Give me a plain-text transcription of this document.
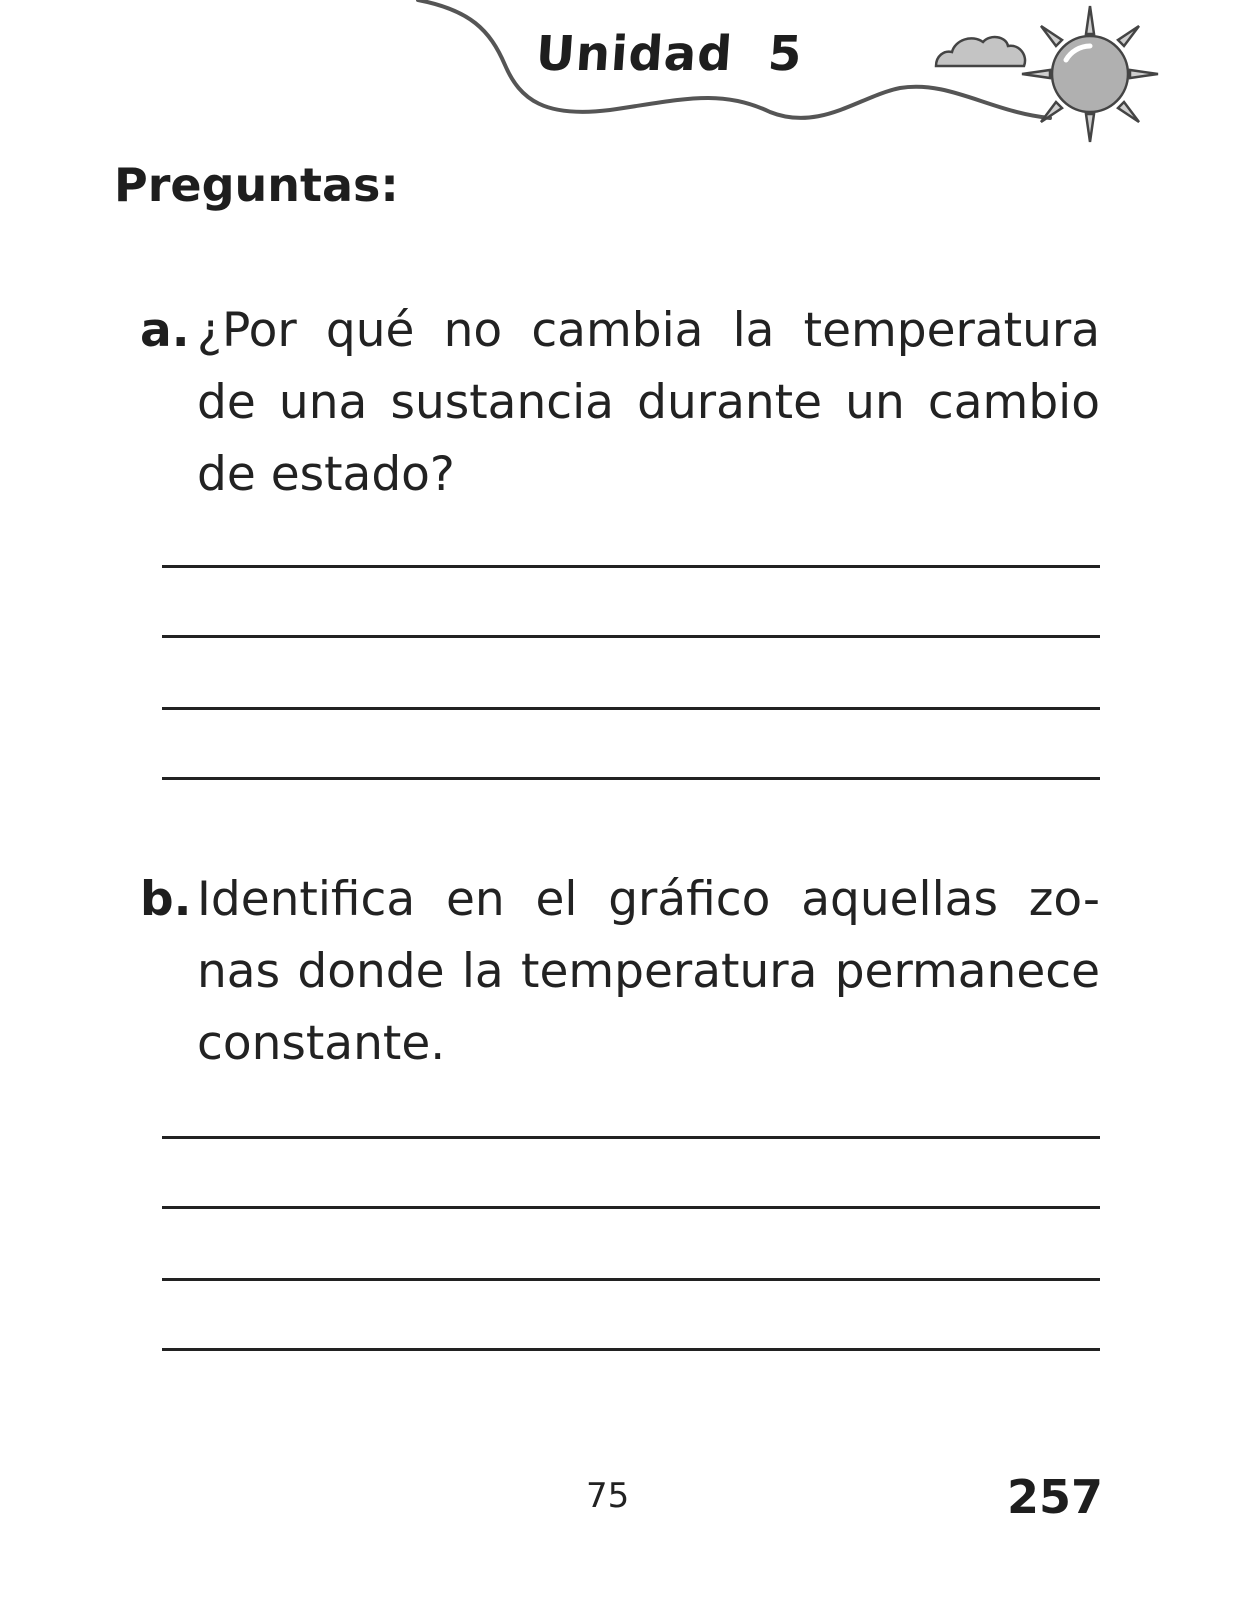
Unidad  5
Preguntas:
a. ¿Por qué no cambia la temperatura de una sustancia durante un cambio de estado?
b. Identifica en el gráfico aquellas zo-nas donde la temperatura permanece constante.
75	257
